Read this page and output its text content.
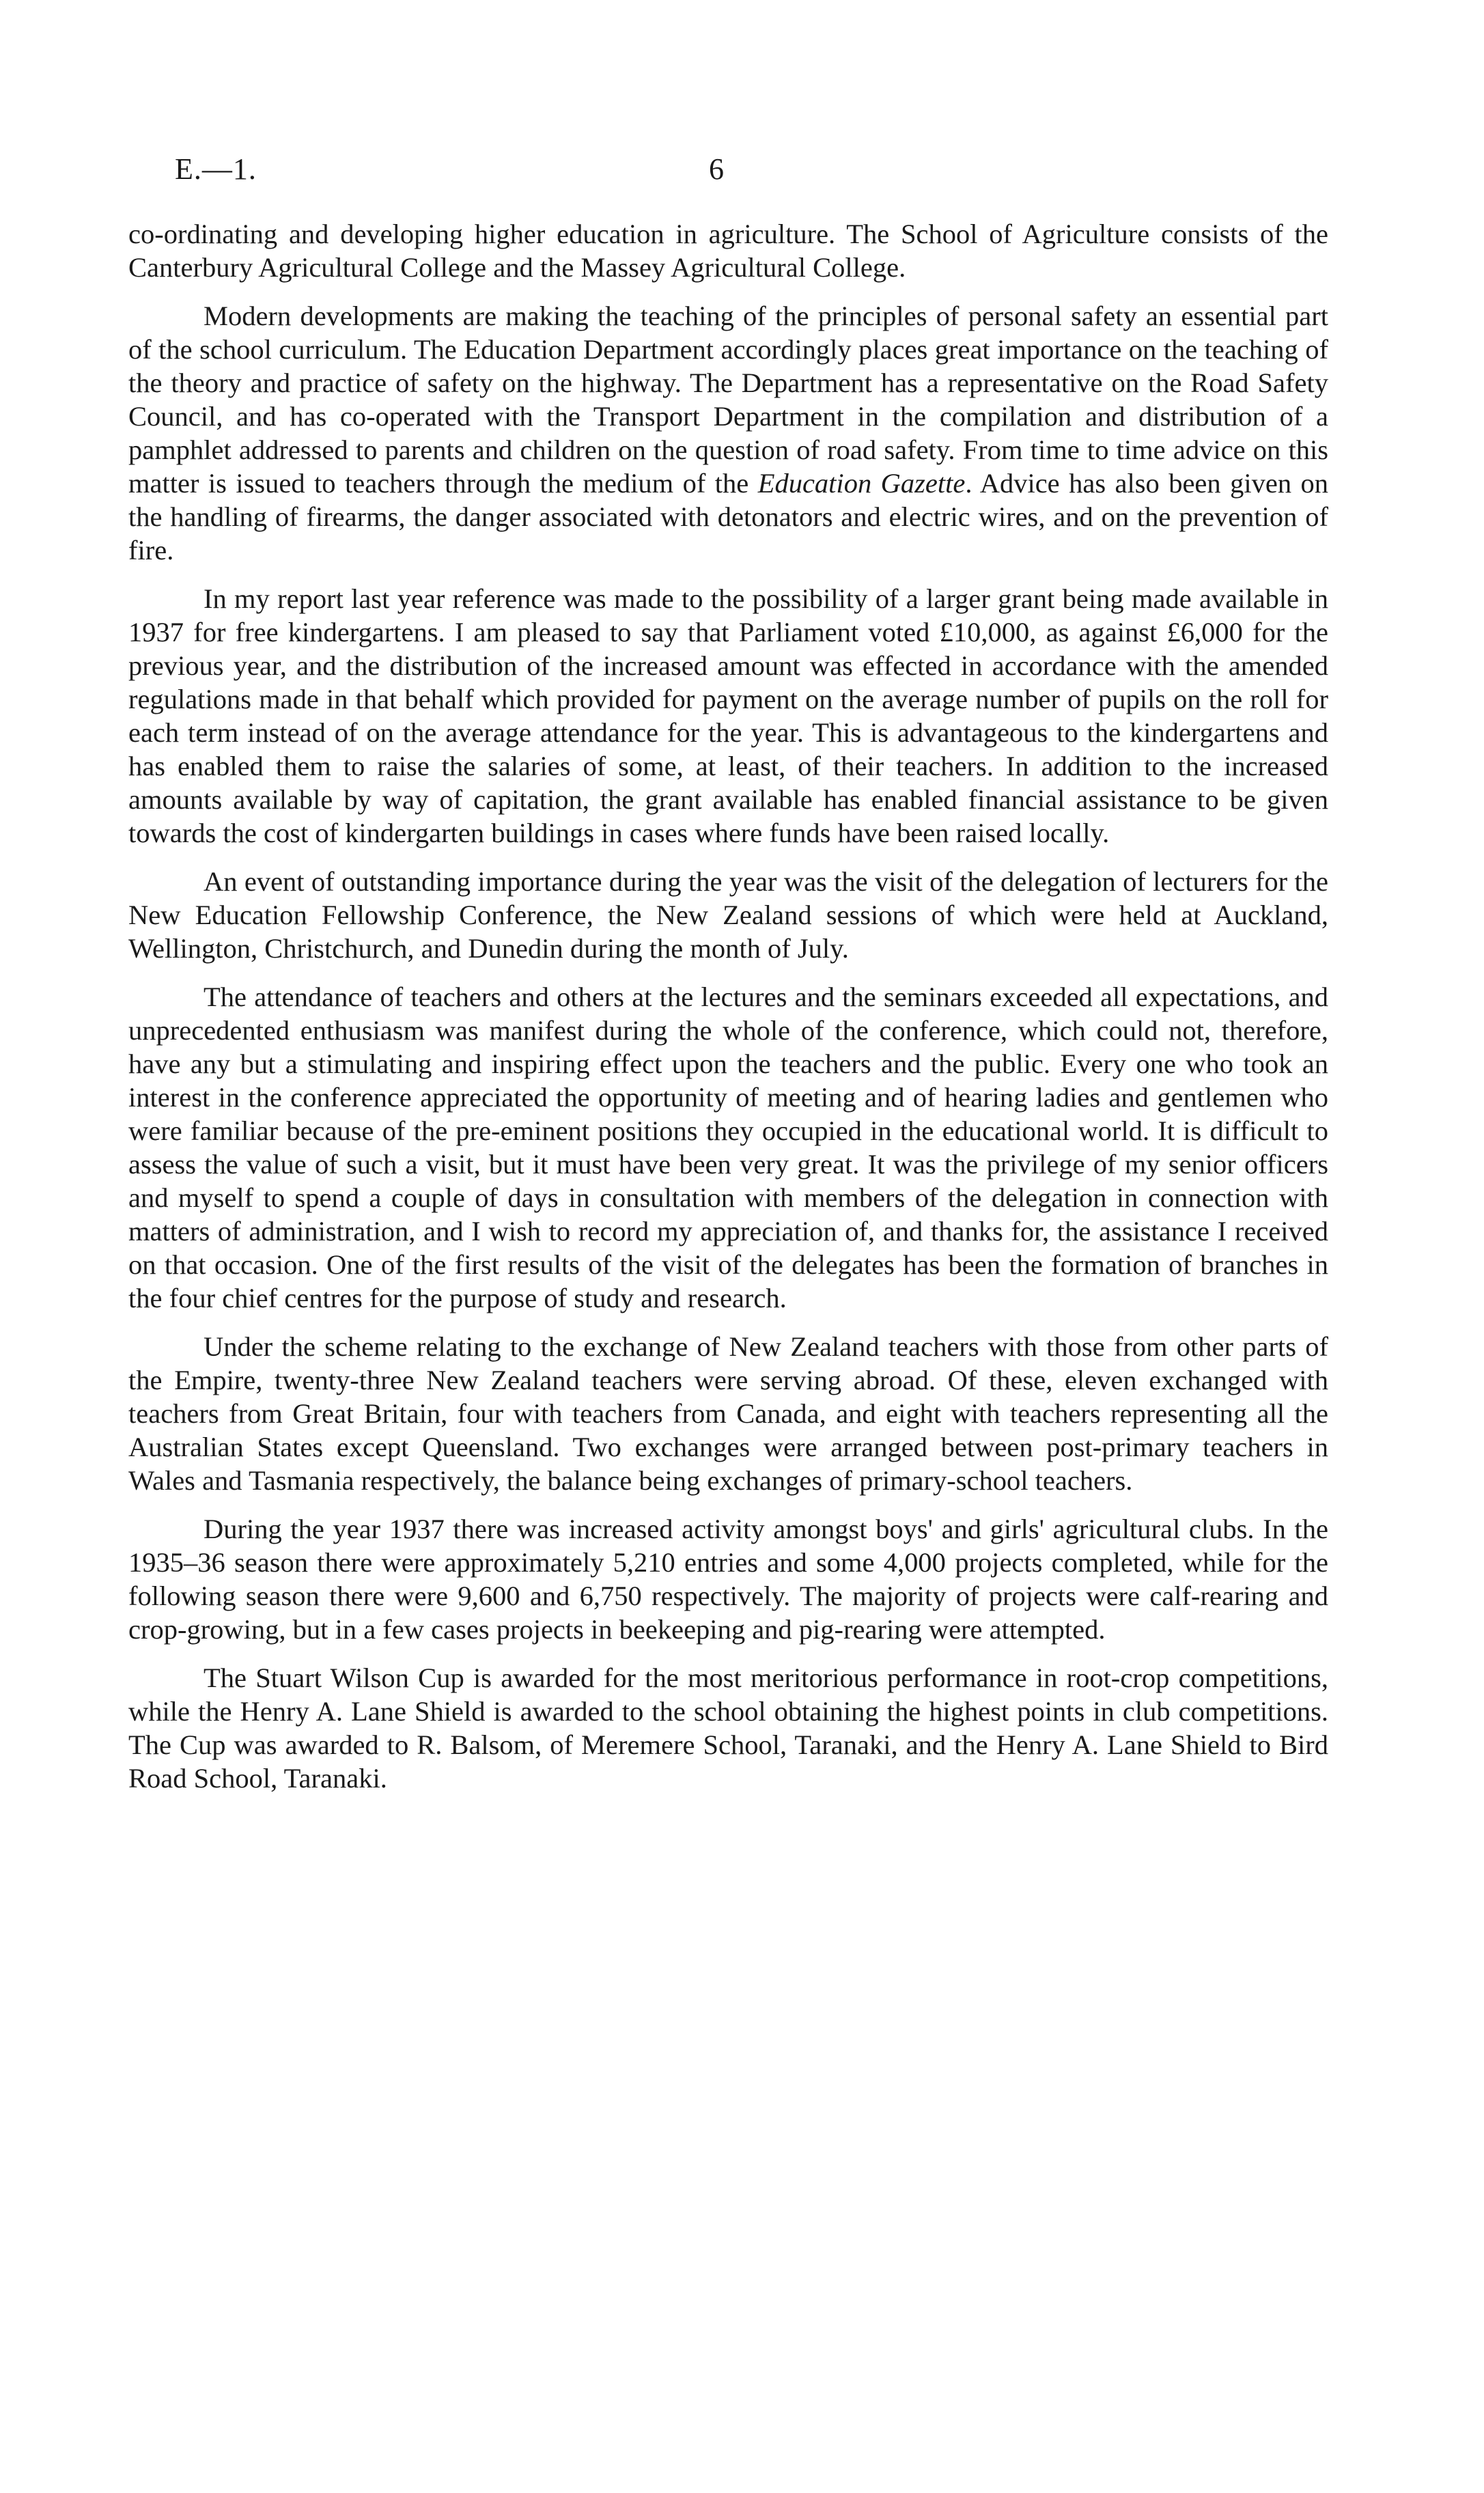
E.—1.	6

co-ordinating and developing higher education in agriculture. The School of Agriculture consists of the Canterbury Agricultural College and the Massey Agricultural College.

Modern developments are making the teaching of the principles of personal safety an essential part of the school curriculum. The Education Department accordingly places great importance on the teaching of the theory and practice of safety on the highway. The Department has a representative on the Road Safety Council, and has co-operated with the Transport Department in the compilation and distribution of a pamphlet addressed to parents and children on the question of road safety. From time to time advice on this matter is issued to teachers through the medium of the Education Gazette. Advice has also been given on the handling of firearms, the danger associated with detonators and electric wires, and on the prevention of fire.

In my report last year reference was made to the possibility of a larger grant being made available in 1937 for free kindergartens. I am pleased to say that Parliament voted £10,000, as against £6,000 for the previous year, and the distribution of the increased amount was effected in accordance with the amended regulations made in that behalf which provided for payment on the average number of pupils on the roll for each term instead of on the average attendance for the year. This is advantageous to the kindergartens and has enabled them to raise the salaries of some, at least, of their teachers. In addition to the increased amounts available by way of capitation, the grant available has enabled financial assistance to be given towards the cost of kindergarten buildings in cases where funds have been raised locally.

An event of outstanding importance during the year was the visit of the delegation of lecturers for the New Education Fellowship Conference, the New Zealand sessions of which were held at Auckland, Wellington, Christchurch, and Dunedin during the month of July.

The attendance of teachers and others at the lectures and the seminars exceeded all expectations, and unprecedented enthusiasm was manifest during the whole of the conference, which could not, therefore, have any but a stimulating and inspiring effect upon the teachers and the public. Every one who took an interest in the conference appreciated the opportunity of meeting and of hearing ladies and gentlemen who were familiar because of the pre-eminent positions they occupied in the educational world. It is difficult to assess the value of such a visit, but it must have been very great. It was the privilege of my senior officers and myself to spend a couple of days in consultation with members of the delegation in connection with matters of administration, and I wish to record my appreciation of, and thanks for, the assistance I received on that occasion. One of the first results of the visit of the delegates has been the formation of branches in the four chief centres for the purpose of study and research.

Under the scheme relating to the exchange of New Zealand teachers with those from other parts of the Empire, twenty-three New Zealand teachers were serving abroad. Of these, eleven exchanged with teachers from Great Britain, four with teachers from Canada, and eight with teachers representing all the Australian States except Queensland. Two exchanges were arranged between post-primary teachers in Wales and Tasmania respectively, the balance being exchanges of primary-school teachers.

During the year 1937 there was increased activity amongst boys' and girls' agricultural clubs. In the 1935–36 season there were approximately 5,210 entries and some 4,000 projects completed, while for the following season there were 9,600 and 6,750 respectively. The majority of projects were calf-rearing and crop-growing, but in a few cases projects in beekeeping and pig-rearing were attempted.

The Stuart Wilson Cup is awarded for the most meritorious performance in root-crop competitions, while the Henry A. Lane Shield is awarded to the school obtaining the highest points in club competitions. The Cup was awarded to R. Balsom, of Meremere School, Taranaki, and the Henry A. Lane Shield to Bird Road School, Taranaki.
